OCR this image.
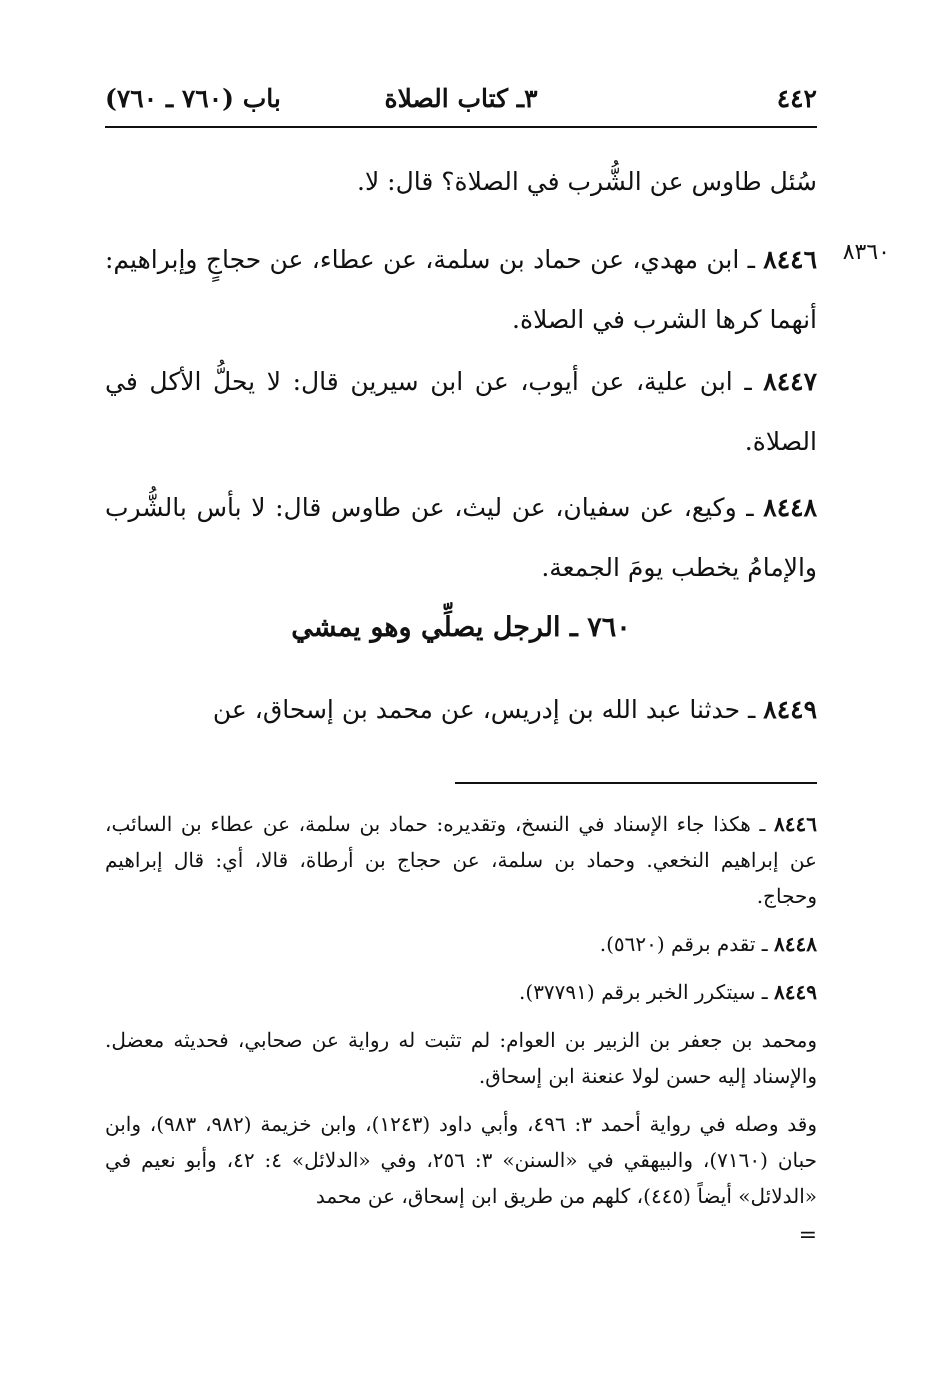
٤٤٢
٣ـ كتاب الصلاة
باب (٧٦٠ ـ ٧٦٠)

سُئل طاوس عن الشُّرب في الصلاة؟ قال: لا.

٨٣٦٠

٨٤٤٦ ـ ابن مهدي، عن حماد بن سلمة، عن عطاء، عن حجاجٍ وإبراهيم: أنهما كرها الشرب في الصلاة.

٨٤٤٧ ـ ابن علية، عن أيوب، عن ابن سيرين قال: لا يحلُّ الأكل في الصلاة.

٨٤٤٨ ـ وكيع، عن سفيان، عن ليث، عن طاوس قال: لا بأس بالشُّرب والإمامُ يخطب يومَ الجمعة.

٧٦٠ ـ الرجل يصلِّي وهو يمشي

٨٤٤٩ ـ حدثنا عبد الله بن إدريس، عن محمد بن إسحاق، عن

٨٤٤٦ ـ هكذا جاء الإسناد في النسخ، وتقديره: حماد بن سلمة، عن عطاء بن السائب، عن إبراهيم النخعي. وحماد بن سلمة، عن حجاج بن أرطاة، قالا، أي: قال إبراهيم وحجاج.

٨٤٤٨ ـ تقدم برقم (٥٦٢٠).

٨٤٤٩ ـ سيتكرر الخبر برقم (٣٧٧٩١).

ومحمد بن جعفر بن الزبير بن العوام: لم تثبت له رواية عن صحابي، فحديثه معضل. والإسناد إليه حسن لولا عنعنة ابن إسحاق.

وقد وصله في رواية أحمد ٣: ٤٩٦، وأبي داود (١٢٤٣)، وابن خزيمة (٩٨٢، ٩٨٣)، وابن حبان (٧١٦٠)، والبيهقي في «السنن» ٣: ٢٥٦، وفي «الدلائل» ٤: ٤٢، وأبو نعيم في «الدلائل» أيضاً (٤٤٥)، كلهم من طريق ابن إسحاق، عن محمد

=
